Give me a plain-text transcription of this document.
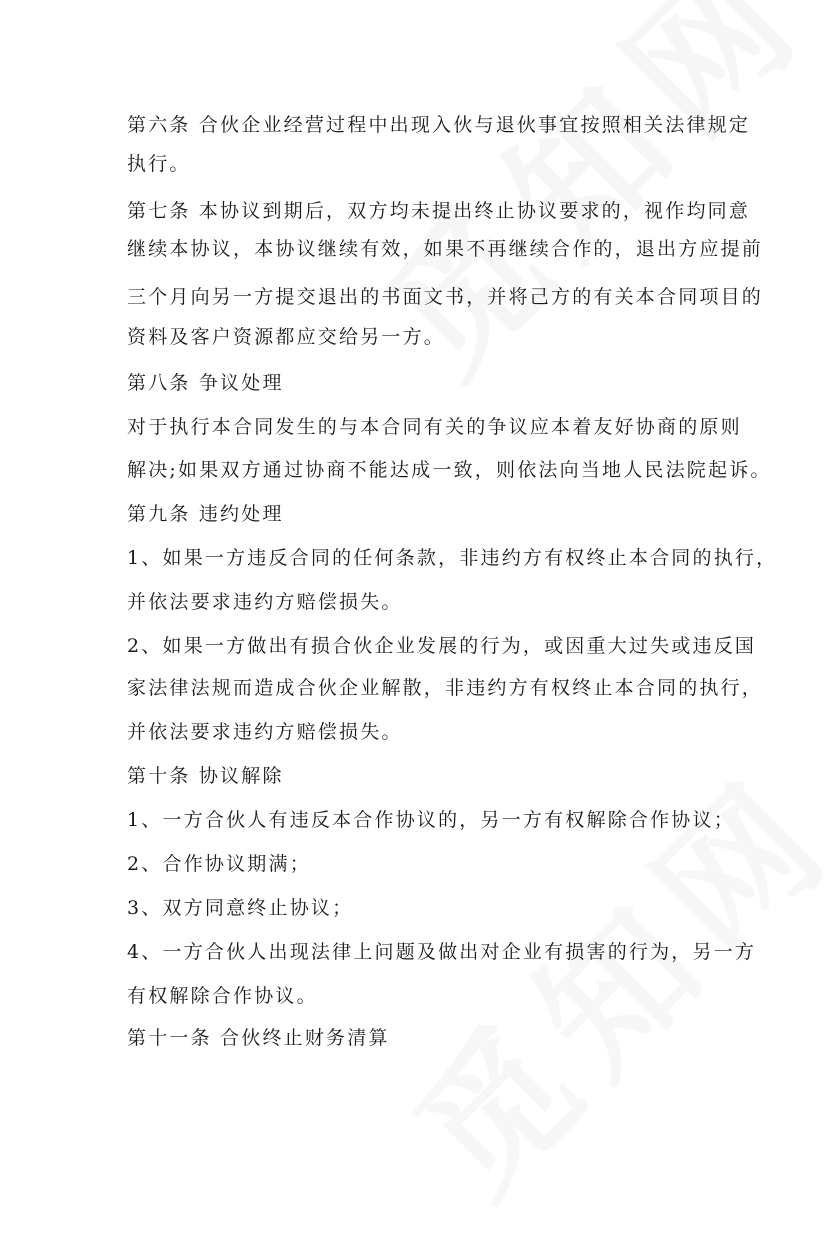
第六条 合伙企业经营过程中出现入伙与退伙事宜按照相关法律规定
执行。
第七条 本协议到期后，双方均未提出终止协议要求的，视作均同意
继续本协议，本协议继续有效，如果不再继续合作的，退出方应提前
三个月向另一方提交退出的书面文书，并将己方的有关本合同项目的
资料及客户资源都应交给另一方。
第八条 争议处理
对于执行本合同发生的与本合同有关的争议应本着友好协商的原则
解决;如果双方通过协商不能达成一致，则依法向当地人民法院起诉。
第九条 违约处理
1、如果一方违反合同的任何条款，非违约方有权终止本合同的执行，
并依法要求违约方赔偿损失。
2、如果一方做出有损合伙企业发展的行为，或因重大过失或违反国
家法律法规而造成合伙企业解散，非违约方有权终止本合同的执行，
并依法要求违约方赔偿损失。
第十条 协议解除
1、一方合伙人有违反本合作协议的，另一方有权解除合作协议；
2、合作协议期满；
3、双方同意终止协议；
4、一方合伙人出现法律上问题及做出对企业有损害的行为，另一方
有权解除合作协议。
第十一条 合伙终止财务清算
